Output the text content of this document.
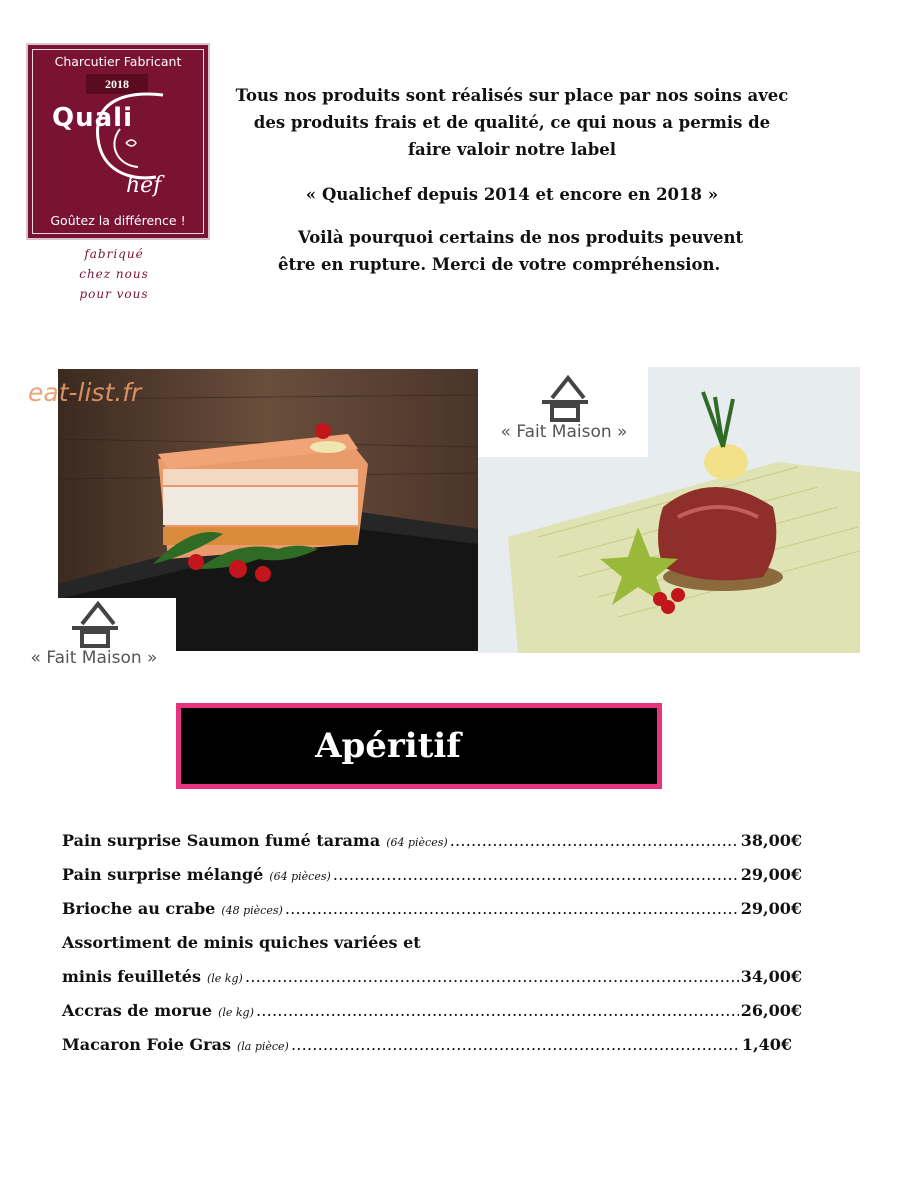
Charcutier Fabricant
2018
Quali
hef
Goûtez la différence !
fabriqué
chez nous
pour vous

Tous nos produits sont réalisés sur place par nos soins avec

des produits frais et de qualité, ce qui nous a permis de

faire valoir notre label

« Qualichef depuis 2014 et encore en 2018 »

Voilà pourquoi certains de nos produits peuvent

être en rupture. Merci de votre compréhension.

eat-list.fr
« Fait Maison »
« Fait Maison »
Apéritif
Pain surprise Saumon fumé tarama (64 pièces) ………………………………………………………………………………………………………………………………………………………………	38,00€
Pain surprise mélangé (64 pièces) ………………………………………………………………………………………………………………………………………………………………	29,00€
Brioche au crabe (48 pièces) ………………………………………………………………………………………………………………………………………………………………	29,00€
Assortiment de minis quiches variées et
minis feuilletés (le kg) ………………………………………………………………………………………………………………………………………………………………	34,00€
Accras de morue (le kg) ………………………………………………………………………………………………………………………………………………………………	26,00€
Macaron Foie Gras (la pièce) ………………………………………………………………………………………………………………………………………………………………	1,40€
